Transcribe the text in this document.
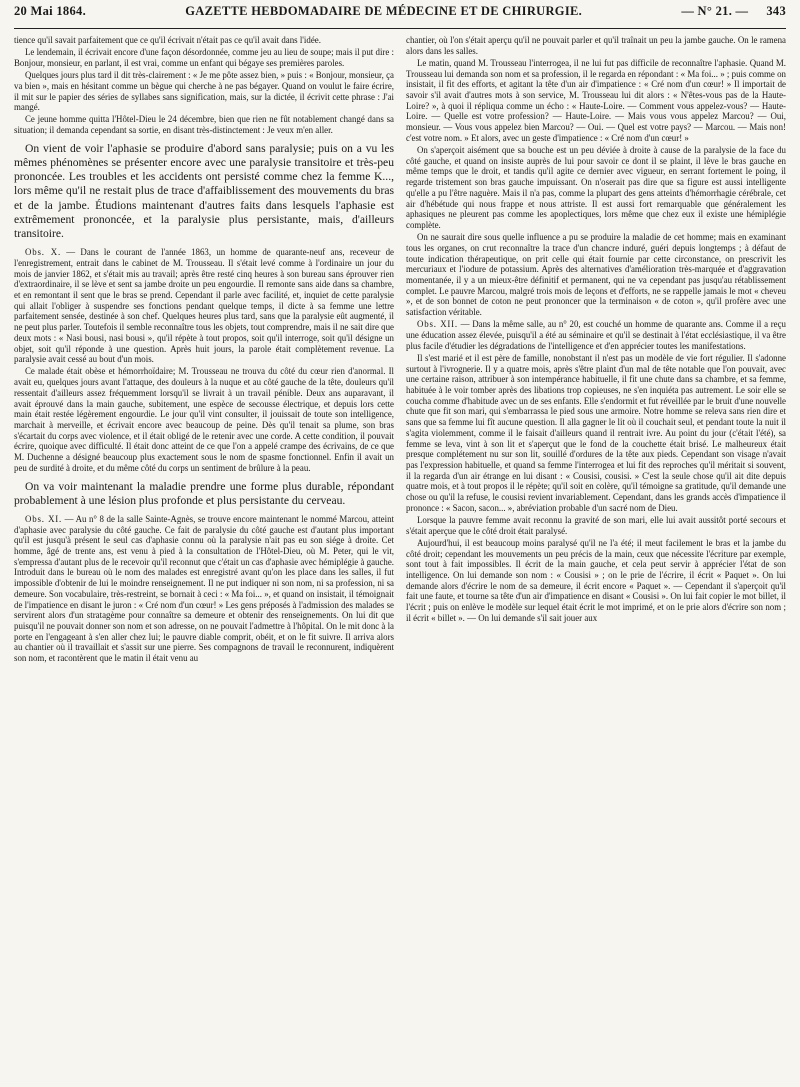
20 Mai 1864.	GAZETTE HEBDOMADAIRE DE MÉDECINE ET DE CHIRURGIE.	— N° 21. — 343

tience qu'il savait parfaitement que ce qu'il écrivait n'était pas ce qu'il avait dans l'idée.

Le lendemain, il écrivait encore d'une façon désordonnée, comme jeu au lieu de soupe; mais il put dire : Bonjour, monsieur, en parlant, il est vrai, comme un enfant qui bégaye ses premières paroles.

Quelques jours plus tard il dit très-clairement : « Je me pôte assez bien, » puis : « Bonjour, monsieur, ça va bien », mais en hésitant comme un bègue qui cherche à ne pas bégayer. Quand on voulut le faire écrire, il mit sur le papier des séries de syllabes sans signification, mais, sur la dictée, il écrivit cette phrase : J'ai mangé.

Ce jeune homme quitta l'Hôtel-Dieu le 24 décembre, bien que rien ne fût notablement changé dans sa situation; il demanda cependant sa sortie, en disant très-distinctement : Je veux m'en aller.

On vient de voir l'aphasie se produire d'abord sans paralysie; puis on a vu les mêmes phénomènes se présenter encore avec une paralysie transitoire et très-peu prononcée. Les troubles et les accidents ont persisté comme chez la femme K..., lors même qu'il ne restait plus de trace d'affaiblissement des mouvements du bras et de la jambe. Étudions maintenant d'autres faits dans lesquels l'aphasie est extrêmement prononcée, et la paralysie plus persistante, mais, d'ailleurs transitoire.

Obs. X. — Dans le courant de l'année 1863, un homme de quarante-neuf ans, receveur de l'enregistrement, entrait dans le cabinet de M. Trousseau. Il s'était levé comme à l'ordinaire un jour du mois de janvier 1862, et s'était mis au travail; après être resté cinq heures à son bureau sans éprouver rien d'extraordinaire, il se lève et sent sa jambe droite un peu engourdie. Il remonte sans aide dans sa chambre, et en remontant il sent que le bras se prend. Cependant il parle avec facilité, et, inquiet de cette paralysie qui allait l'obliger à suspendre ses fonctions pendant quelque temps, il dicte à sa femme une lettre parfaitement sensée, destinée à son chef. Quelques heures plus tard, sans que la paralysie eût augmenté, il ne peut plus parler. Toutefois il semble reconnaître tous les objets, tout comprendre, mais il ne sait dire que deux mots : « Nasi bousi, nasi bousi », qu'il répète à tout propos, soit qu'il interroge, soit qu'il désigne un objet, soit qu'il réponde à une question. Après huit jours, la parole était complètement revenue. La paralysie avait cessé au bout d'un mois.

Ce malade était obèse et hémorrhoïdaire; M. Trousseau ne trouva du côté du cœur rien d'anormal. Il avait eu, quelques jours avant l'attaque, des douleurs à la nuque et au côté gauche de la tête, douleurs qu'il ressentait d'ailleurs assez fréquemment lorsqu'il se livrait à un travail pénible. Deux ans auparavant, il avait éprouvé dans la main gauche, subitement, une espèce de secousse électrique, et depuis lors cette main était restée légèrement engourdie. Le jour qu'il vint consulter, il jouissait de toute son intelligence, marchait à merveille, et écrivait encore avec beaucoup de peine. Dès qu'il tenait sa plume, son bras s'écartait du corps avec violence, et il était obligé de le retenir avec une corde. A cette condition, il pouvait écrire, quoique avec difficulté. Il était donc atteint de ce que l'on a appelé crampe des écrivains, de ce que M. Duchenne a désigné beaucoup plus exactement sous le nom de spasme fonctionnel. Enfin il avait un peu de surdité à droite, et du même côté du corps un sentiment de brûlure à la peau.

On va voir maintenant la maladie prendre une forme plus durable, répondant probablement à une lésion plus profonde et plus persistante du cerveau.

Obs. XI. — Au n° 8 de la salle Sainte-Agnès, se trouve encore maintenant le nommé Marcou, atteint d'aphasie avec paralysie du côté gauche. Ce fait de paralysie du côté gauche est d'autant plus important qu'il est jusqu'à présent le seul cas d'aphasie connu où la paralysie n'ait pas eu son siége à droite. Cet homme, âgé de trente ans, est venu à pied à la consultation de l'Hôtel-Dieu, où M. Peter, qui le vit, s'empressa d'autant plus de le recevoir qu'il reconnut que c'était un cas d'aphasie avec hémiplégie à gauche. Introduit dans le bureau où le nom des malades est enregistré avant qu'on les place dans les salles, il fut impossible d'obtenir de lui le moindre renseignement. Il ne put indiquer ni son nom, ni sa profession, ni sa demeure. Son vocabulaire, très-restreint, se bornait à ceci : « Ma foi... », et quand on insistait, il témoignait de l'impatience en disant le juron : « Cré nom d'un cœur! » Les gens préposés à l'admission des malades se servirent alors d'un stratagème pour connaître sa demeure et obtenir des renseignements. On lui dit que puisqu'il ne pouvait donner son nom et son adresse, on ne pouvait l'admettre à l'hôpital. On le mit donc à la porte en l'engageant à s'en aller chez lui; le pauvre diable comprit, obéit, et on le fit suivre. Il arriva alors au chantier où il travaillait et s'assit sur une pierre. Ses compagnons de travail le reconnurent, indiquèrent son nom, et racontèrent que le matin il était venu au

chantier, où l'on s'était aperçu qu'il ne pouvait parler et qu'il traînait un peu la jambe gauche. On le ramena alors dans les salles.

Le matin, quand M. Trousseau l'interrogea, il ne lui fut pas difficile de reconnaître l'aphasie. Quand M. Trousseau lui demanda son nom et sa profession, il le regarda en répondant : « Ma foi... » ; puis comme on insistait, il fit des efforts, et agitant la tête d'un air d'impatience : « Cré nom d'un cœur! » Il importait de savoir s'il avait d'autres mots à son service, M. Trousseau lui dit alors : « N'êtes-vous pas de la Haute-Loire? », à quoi il répliqua comme un écho : « Haute-Loire. — Comment vous appelez-vous? — Haute-Loire. — Quelle est votre profession? — Haute-Loire. — Mais vous vous appelez Marcou? — Oui, monsieur. — Vous vous appelez bien Marcou? — Oui. — Quel est votre pays? — Marcou. — Mais non! c'est votre nom. » Et alors, avec un geste d'impatience : « Cré nom d'un cœur! »

On s'aperçoit aisément que sa bouche est un peu déviée à droite à cause de la paralysie de la face du côté gauche, et quand on insiste auprès de lui pour savoir ce dont il se plaint, il lève le bras gauche en même temps que le droit, et tandis qu'il agite ce dernier avec vigueur, en serrant fortement le poing, il regarde tristement son bras gauche impuissant. On n'oserait pas dire que sa figure est aussi intelligente qu'elle a pu l'être naguère. Mais il n'a pas, comme la plupart des gens atteints d'hémorrhagie cérébrale, cet air d'hébétude qui nous frappe et nous attriste. Il est aussi fort remarquable que généralement les aphasiques ne pleurent pas comme les apoplectiques, lors même que chez eux il existe une hémiplégie complète.

On ne saurait dire sous quelle influence a pu se produire la maladie de cet homme; mais en examinant tous les organes, on crut reconnaître la trace d'un chancre induré, guéri depuis longtemps ; à défaut de toute indication thérapeutique, on prit celle qui était fournie par cette circonstance, on prescrivit les mercuriaux et l'iodure de potassium. Après des alternatives d'amélioration très-marquée et d'aggravation momentanée, il y a un mieux-être définitif et permanent, qui ne va cependant pas jusqu'au rétablissement complet. Le pauvre Marcou, malgré trois mois de leçons et d'efforts, ne se rappelle jamais le mot « cheveu », et de son bonnet de coton ne peut prononcer que la terminaison « de coton », qu'il profère avec une satisfaction véritable.

Obs. XII. — Dans la même salle, au n° 20, est couché un homme de quarante ans. Comme il a reçu une éducation assez élevée, puisqu'il a été au séminaire et qu'il se destinait à l'état ecclésiastique, il va être plus facile d'étudier les dégradations de l'intelligence et d'en apprécier toutes les manifestations.

Il s'est marié et il est père de famille, nonobstant il n'est pas un modèle de vie fort régulier. Il s'adonne surtout à l'ivrognerie. Il y a quatre mois, après s'être plaint d'un mal de tête notable que l'on pouvait, avec une certaine raison, attribuer à son intempérance habituelle, il fit une chute dans sa chambre, et sa femme, habituée à le voir tomber après des libations trop copieuses, ne s'en inquiéta pas autrement. Le soir elle se coucha comme d'habitude avec un de ses enfants. Elle s'endormit et fut réveillée par le bruit d'une nouvelle chute que fit son mari, qui s'embarrassa le pied sous une armoire. Notre homme se releva sans rien dire et sans que sa femme lui fît aucune question. Il alla gagner le lit où il couchait seul, et pendant toute la nuit il s'agita violemment, comme il le faisait d'ailleurs quand il rentrait ivre. Au point du jour (c'était l'été), sa femme se leva, vint à son lit et s'aperçut que le fond de la couchette était brisé. Le malheureux était presque complétement nu sur son lit, souillé d'ordures de la tête aux pieds. Cependant son visage n'avait pas l'expression habituelle, et quand sa femme l'interrogea et lui fit des reproches qu'il méritait si souvent, il la regarda d'un air étrange en lui disant : « Cousisi, cousisi. » C'est la seule chose qu'il ait dite depuis quatre mois, et à tout propos il le répète; qu'il soit en colère, qu'il témoigne sa gratitude, qu'il demande une chose ou qu'il la refuse, le cousisi revient invariablement. Cependant, dans les grands accès d'impatience il prononce : « Sacon, sacon... », abréviation probable d'un sacré nom de Dieu.

Lorsque la pauvre femme avait reconnu la gravité de son mari, elle lui avait aussitôt porté secours et s'était aperçue que le côté droit était paralysé.

Aujourd'hui, il est beaucoup moins paralysé qu'il ne l'a été; il meut facilement le bras et la jambe du côté droit; cependant les mouvements un peu précis de la main, ceux que nécessite l'écriture par exemple, sont tout à fait impossibles. Il écrit de la main gauche, et cela peut servir à apprécier l'état de son intelligence. On lui demande son nom : « Cousisi » ; on le prie de l'écrire, il écrit « Paquet ». On lui demande alors d'écrire le nom de sa demeure, il écrit encore « Paquet ». — Cependant il s'aperçoit qu'il fait une faute, et tourne sa tête d'un air d'impatience en disant « Cousisi ». On lui fait copier le mot billet, il l'écrit ; puis on enlève le modèle sur lequel était écrit le mot imprimé, et on le prie alors d'écrire son nom ; il écrit « billet ». — On lui demande s'il sait jouer aux
